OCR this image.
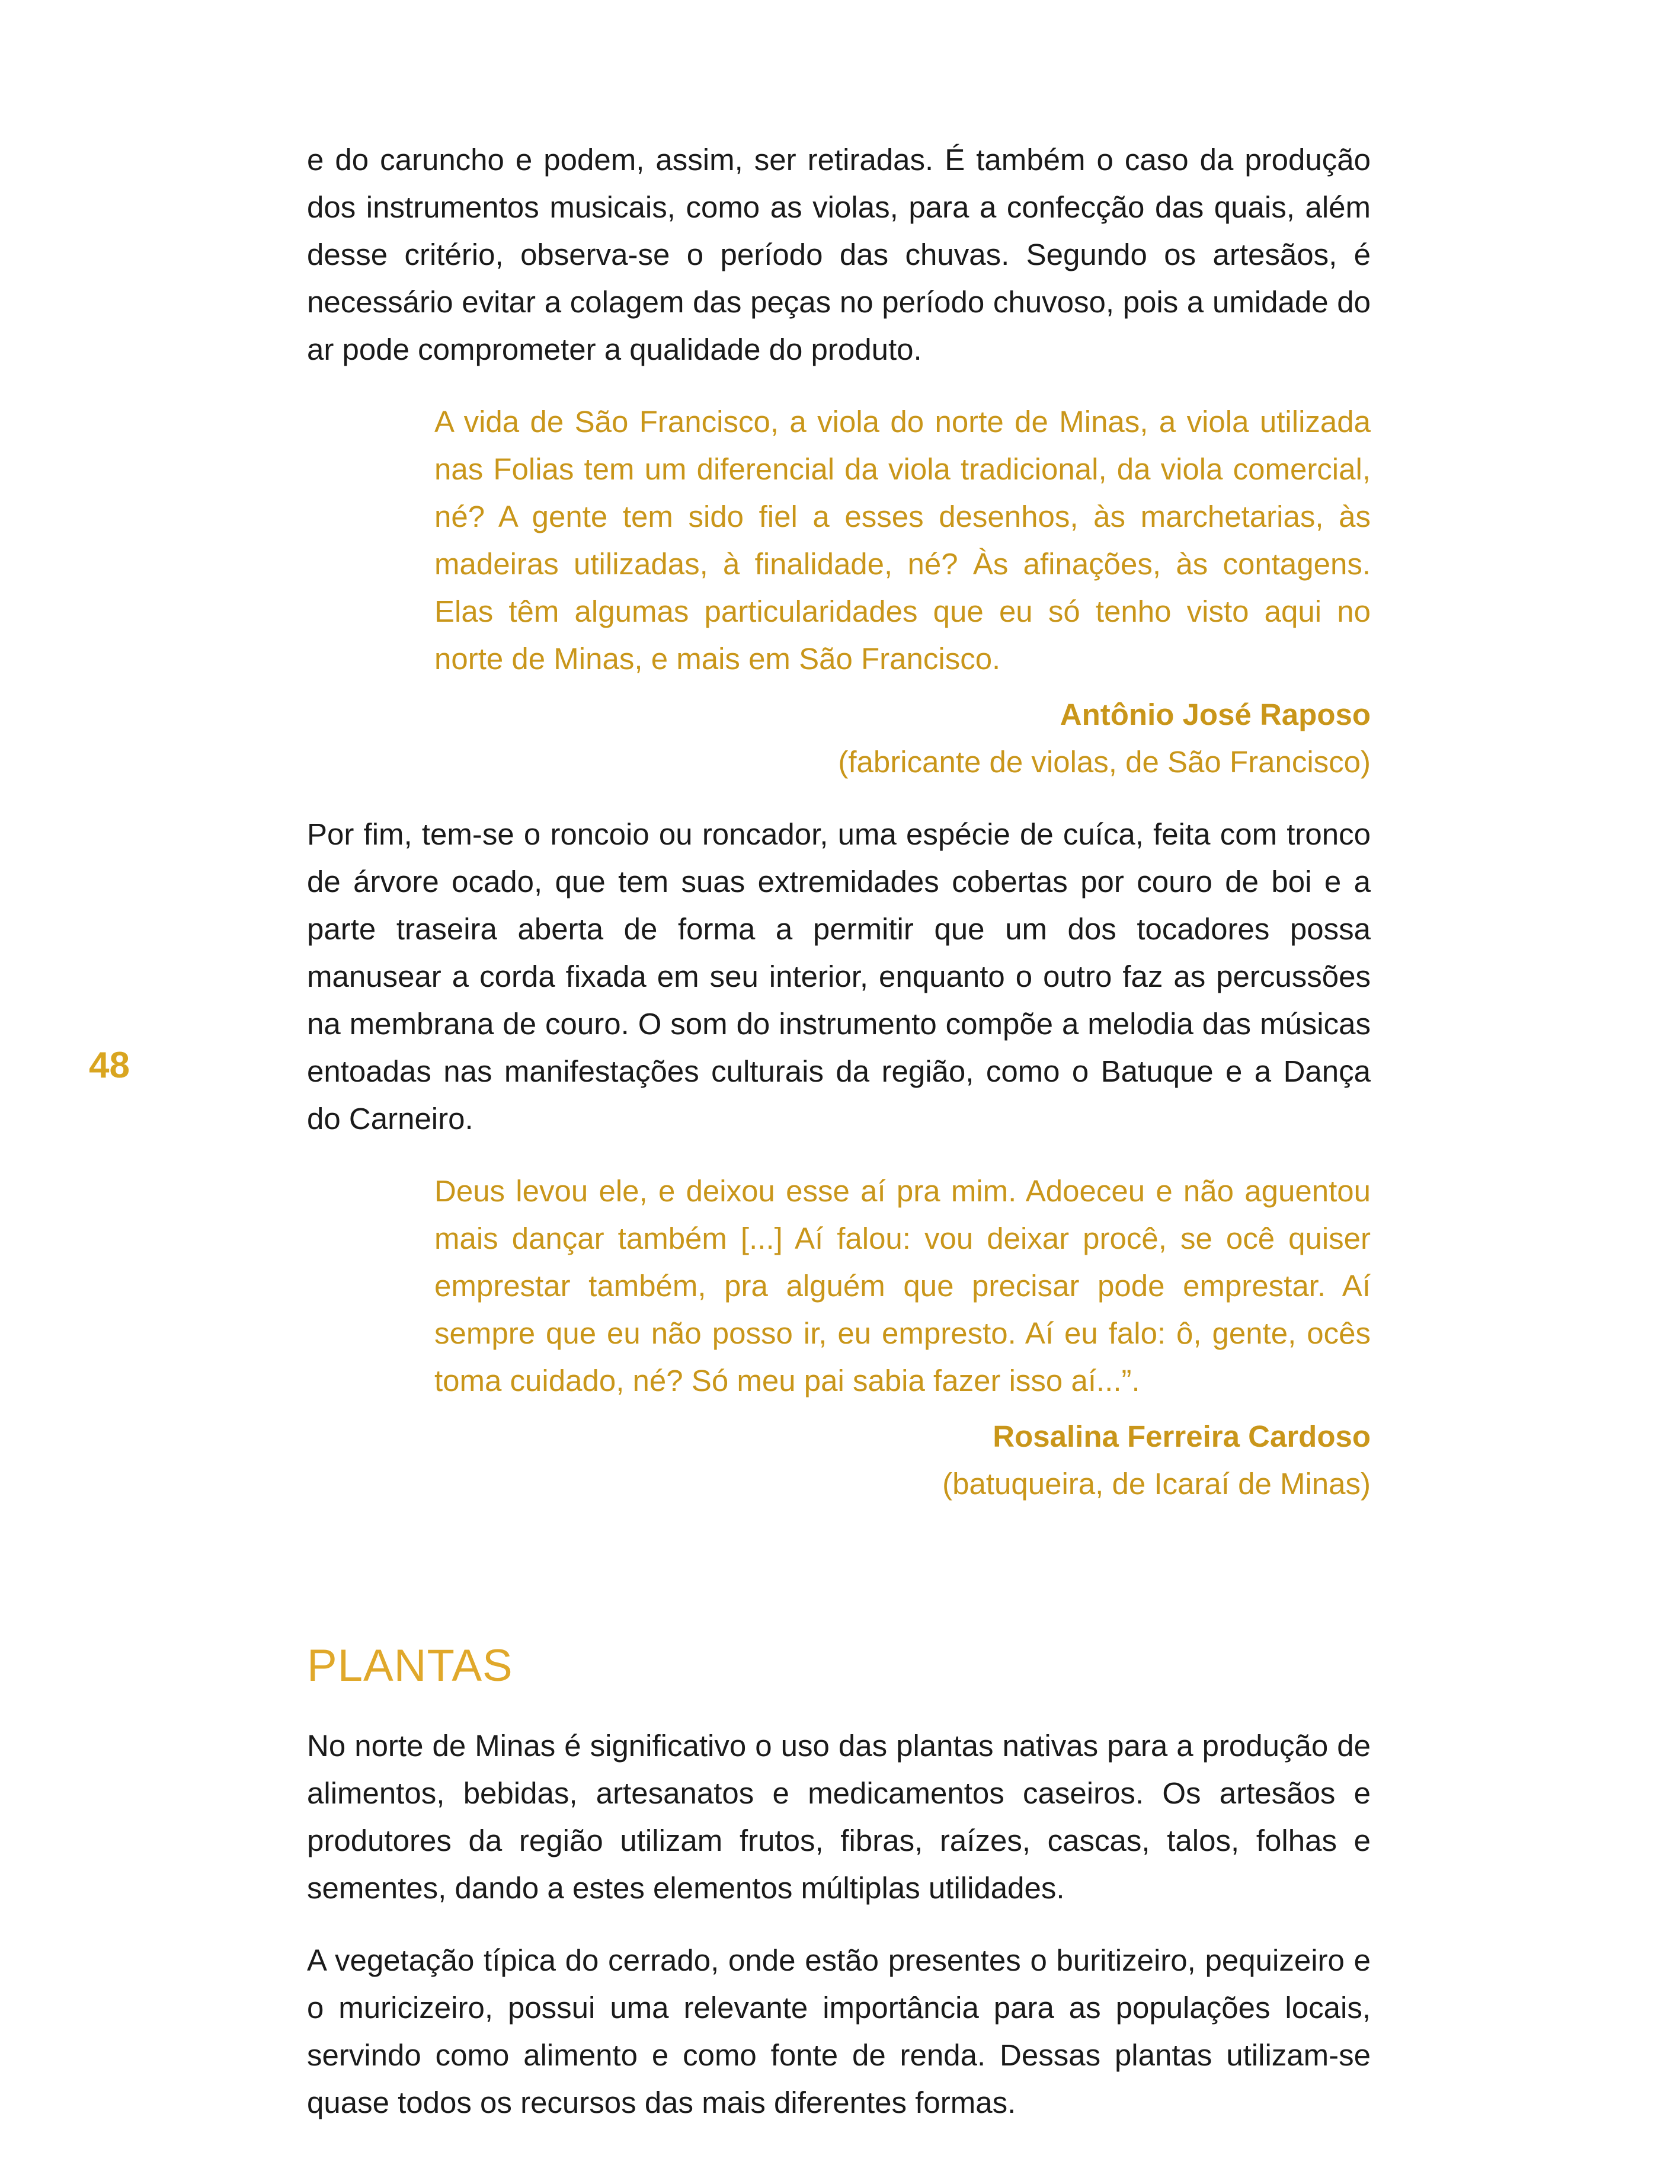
48

e do caruncho e podem, assim, ser retiradas. É também o caso da produção dos instrumentos musicais, como as violas, para a confecção das quais, além desse critério, observa-se o período das chuvas. Segundo os artesãos, é necessário evitar a colagem das peças no período chuvoso, pois a umidade do ar pode comprometer a qualidade do produto.

A vida de São Francisco, a viola do norte de Minas, a viola utilizada nas Folias tem um diferencial da viola tradicional, da viola comercial, né? A gente tem sido fiel a esses desenhos, às marchetarias, às madeiras utilizadas, à finalidade, né? Às afinações, às contagens. Elas têm algumas particularidades que eu só tenho visto aqui no norte de Minas, e mais em São Francisco.

Antônio José Raposo

(fabricante de violas, de São Francisco)

Por fim, tem-se o roncoio ou roncador, uma espécie de cuíca, feita com tronco de árvore ocado, que tem suas extremidades cobertas por couro de boi e a parte traseira aberta de forma a permitir que um dos tocadores possa manusear a corda fixada em seu interior, enquanto o outro faz as percussões na membrana de couro. O som do instrumento compõe a melodia das músicas entoadas nas manifestações culturais da região, como o Batuque e a Dança do Carneiro.

Deus levou ele, e deixou esse aí pra mim. Adoeceu e não aguentou mais dançar também [...] Aí falou: vou deixar procê, se ocê quiser emprestar também, pra alguém que precisar pode emprestar. Aí sempre que eu não posso ir, eu empresto. Aí eu falo: ô, gente, ocês toma cuidado, né? Só meu pai sabia fazer isso aí...”.

Rosalina Ferreira Cardoso

(batuqueira, de Icaraí de Minas)

PLANTAS

No norte de Minas é significativo o uso das plantas nativas para a produção de alimentos, bebidas, artesanatos e medicamentos caseiros. Os artesãos e produtores da região utilizam frutos, fibras, raízes, cascas, talos, folhas e sementes, dando a estes elementos múltiplas utilidades.

A vegetação típica do cerrado, onde estão presentes o buritizeiro, pequizeiro e o muricizeiro, possui uma relevante importância para as populações locais, servindo como alimento e como fonte de renda. Dessas plantas utilizam-se quase todos os recursos das mais diferentes formas.
